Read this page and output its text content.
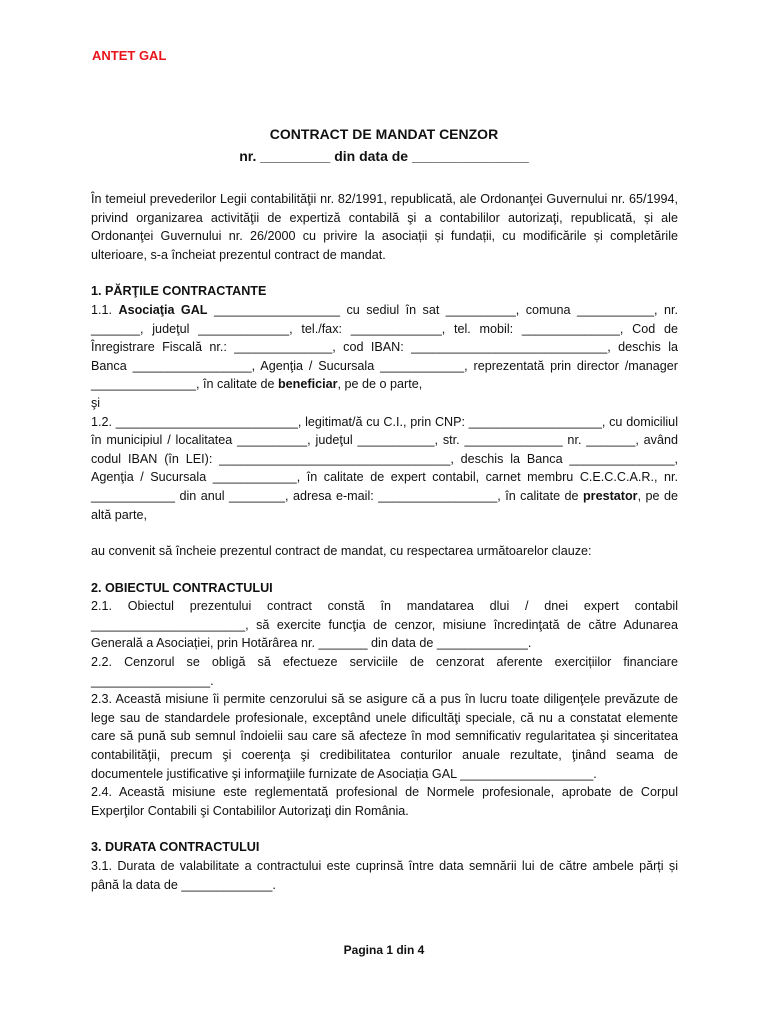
ANTET GAL
CONTRACT DE MANDAT CENZOR
nr. _________ din data de _______________

În temeiul prevederilor Legii contabilităţii nr. 82/1991, republicată, ale Ordonanţei Guvernului nr. 65/1994, privind organizarea activităţii de expertiză contabilă şi a contabililor autorizaţi, republicată, și ale Ordonanţei Guvernului nr. 26/2000 cu privire la asociații și fundații, cu modificările și completările ulterioare, s-a încheiat prezentul contract de mandat.

1. PĂRŢILE CONTRACTANTE

1.1. Asociaţia GAL __________________ cu sediul în sat __________, comuna ___________, nr. _______, judeţul _____________, tel./fax: _____________, tel. mobil: ______________, Cod de Înregistrare Fiscală nr.: ______________, cod IBAN: ____________________________, deschis la Banca _________________, Agenţia / Sucursala ____________, reprezentată prin director /manager _______________, în calitate de beneficiar, pe de o parte,

şi

1.2. __________________________, legitimat/ă cu C.I., prin CNP: ___________________, cu domiciliul în municipiul / localitatea __________, judeţul ___________, str. ______________ nr. _______, având codul IBAN (în LEI): _________________________________, deschis la Banca _______________, Agenţia / Sucursala ____________, în calitate de expert contabil, carnet membru C.E.C.C.A.R., nr. ____________ din anul ________, adresa e-mail: _________________, în calitate de prestator, pe de altă parte,

au convenit să încheie prezentul contract de mandat, cu respectarea următoarelor clauze:

2. OBIECTUL CONTRACTULUI

2.1. Obiectul prezentului contract constă în mandatarea dlui / dnei expert contabil ______________________, să exercite funcţia de cenzor, misiune încredinţată de către Adunarea Generală a Asociației, prin Hotărârea nr. _______ din data de _____________.

2.2. Cenzorul se obligă să efectueze serviciile de cenzorat aferente exercițiilor financiare _________________.

2.3. Această misiune îi permite cenzorului să se asigure că a pus în lucru toate diligenţele prevăzute de lege sau de standardele profesionale, exceptând unele dificultăţi speciale, că nu a constatat elemente care să pună sub semnul îndoielii sau care să afecteze în mod semnificativ regularitatea şi sinceritatea contabilităţii, precum şi coerenţa şi credibilitatea conturilor anuale rezultate, ţinând seama de documentele justificative şi informaţiile furnizate de Asociația GAL ___________________.

2.4. Această misiune este reglementată profesional de Normele profesionale, aprobate de Corpul Experţilor Contabili şi Contabililor Autorizaţi din România.

3. DURATA CONTRACTULUI

3.1. Durata de valabilitate a contractului este cuprinsă între data semnării lui de către ambele părți și până la data de _____________.

Pagina 1 din 4
